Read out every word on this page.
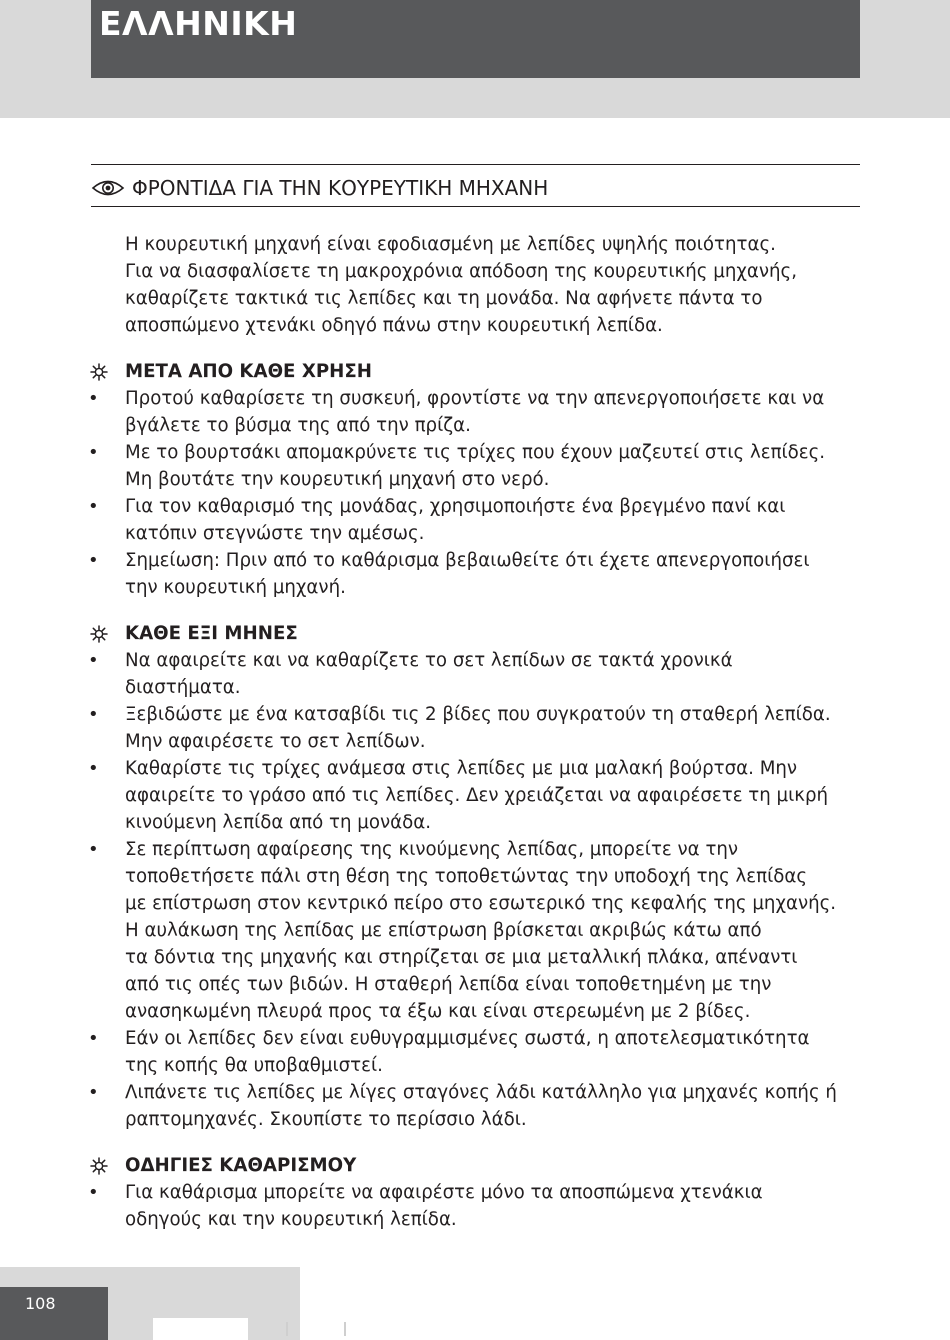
ΕΛΛΗΝΙΚΗ
ΦΡΟΝΤΙΔΑ ΓΙΑ ΤΗΝ ΚΟΥΡΕΥΤΙΚΗ ΜΗΧΑΝΗ
Η κουρευτική μηχανή είναι εφοδιασμένη με λεπίδες υψηλής ποιότητας.
Για να διασφαλίσετε τη μακροχρόνια απόδοση της κουρευτικής μηχανής,
καθαρίζετε τακτικά τις λεπίδες και τη μονάδα. Να αφήνετε πάντα το
αποσπώμενο χτενάκι οδηγό πάνω στην κουρευτική λεπίδα.
ΜΕΤΑ ΑΠΟ ΚΑΘΕ ΧΡΗΣΗ
• Προτού καθαρίσετε τη συσκευή, φροντίστε να την απενεργοποιήσετε και να
βγάλετε το βύσμα της από την πρίζα.
• Με το βουρτσάκι απομακρύνετε τις τρίχες που έχουν μαζευτεί στις λεπίδες.
Μη βουτάτε την κουρευτική μηχανή στο νερό.
• Για τον καθαρισμό της μονάδας, χρησιμοποιήστε ένα βρεγμένο πανί και
κατόπιν στεγνώστε την αμέσως.
• Σημείωση: Πριν από το καθάρισμα βεβαιωθείτε ότι έχετε απενεργοποιήσει
την κουρευτική μηχανή.
ΚΑΘΕ ΕΞΙ ΜΗΝΕΣ
• Να αφαιρείτε και να καθαρίζετε το σετ λεπίδων σε τακτά χρονικά
διαστήματα.
• Ξεβιδώστε με ένα κατσαβίδι τις 2 βίδες που συγκρατούν τη σταθερή λεπίδα.
Μην αφαιρέσετε το σετ λεπίδων.
• Καθαρίστε τις τρίχες ανάμεσα στις λεπίδες με μια μαλακή βούρτσα. Μην
αφαιρείτε το γράσο από τις λεπίδες. Δεν χρειάζεται να αφαιρέσετε τη μικρή
κινούμενη λεπίδα από τη μονάδα.
• Σε περίπτωση αφαίρεσης της κινούμενης λεπίδας, μπορείτε να την
τοποθετήσετε πάλι στη θέση της τοποθετώντας την υποδοχή της λεπίδας
με επίστρωση στον κεντρικό πείρο στο εσωτερικό της κεφαλής της μηχανής.
Η αυλάκωση της λεπίδας με επίστρωση βρίσκεται ακριβώς κάτω από
τα δόντια της μηχανής και στηρίζεται σε μια μεταλλική πλάκα, απέναντι
από τις οπές των βιδών. Η σταθερή λεπίδα είναι τοποθετημένη με την
ανασηκωμένη πλευρά προς τα έξω και είναι στερεωμένη με 2 βίδες.
• Εάν οι λεπίδες δεν είναι ευθυγραμμισμένες σωστά, η αποτελεσματικότητα
της κοπής θα υποβαθμιστεί.
• Λιπάνετε τις λεπίδες με λίγες σταγόνες λάδι κατάλληλο για μηχανές κοπής ή
ραπτομηχανές. Σκουπίστε το περίσσιο λάδι.
ΟΔΗΓΙΕΣ ΚΑΘΑΡΙΣΜΟΥ
• Για καθάρισμα μπορείτε να αφαιρέστε μόνο τα αποσπώμενα χτενάκια
οδηγούς και την κουρευτική λεπίδα.
108
